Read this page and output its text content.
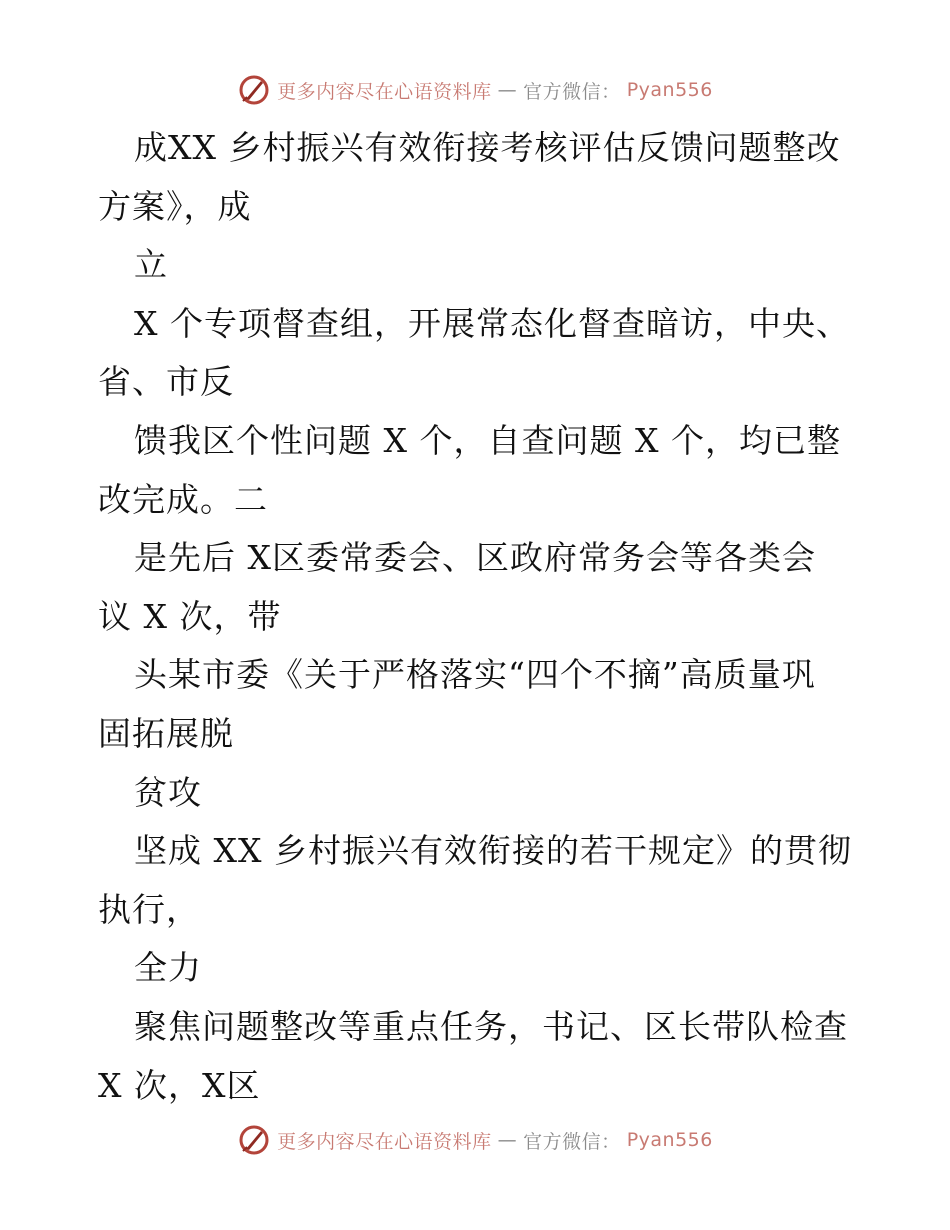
更多内容尽在心语资料库 — 官方微信： Pyan556
成XX 乡村振兴有效衔接考核评估反馈问题整改
方案》，成
立
X 个专项督查组，开展常态化督查暗访，中央、
省、市反
馈我区个性问题 X 个，自查问题 X 个，均已整
改完成。二
是先后 X区委常委会、区政府常务会等各类会
议 X 次，带
头某市委《关于严格落实“四个不摘”高质量巩
固拓展脱
贫攻
坚成 XX 乡村振兴有效衔接的若干规定》的贯彻
执行，
全力
聚焦问题整改等重点任务，书记、区长带队检查
X 次，X区
更多内容尽在心语资料库 — 官方微信： Pyan556
